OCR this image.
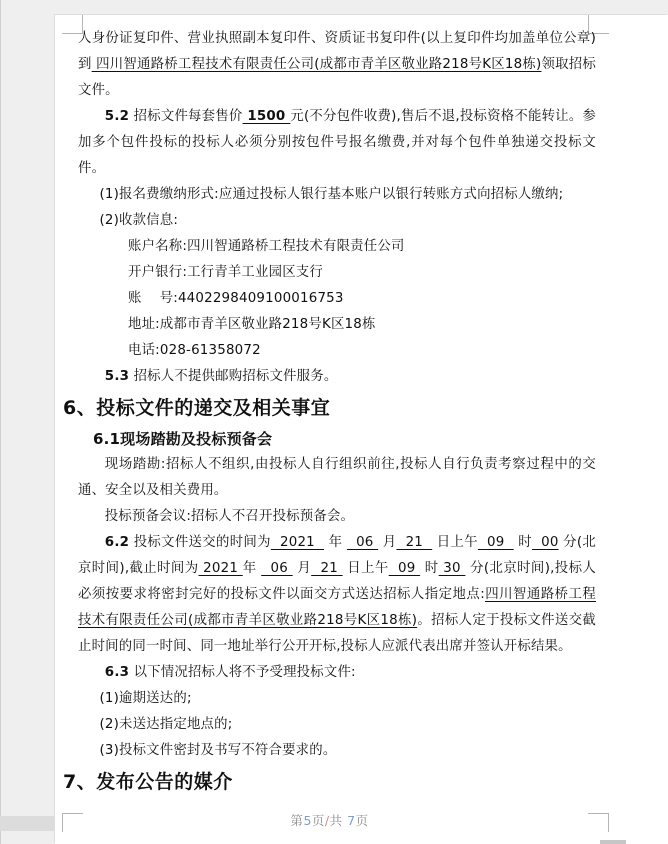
人身份证复印件、营业执照副本复印件、资质证书复印件(以上复印件均加盖单位公章)到 四川智通路桥工程技术有限责任公司(成都市青羊区敬业路218号K区18栋)领取招标文件。
5.2 招标文件每套售价 1500 元(不分包件收费),售后不退,投标资格不能转让。参加多个包件投标的投标人必须分别按包件号报名缴费,并对每个包件单独递交投标文件。
(1)报名费缴纳形式:应通过投标人银行基本账户以银行转账方式向招标人缴纳;
(2)收款信息:
账户名称:四川智通路桥工程技术有限责任公司
开户银行:工行青羊工业园区支行
账　 号:4402298409100016753
地址:成都市青羊区敬业路218号K区18栋
电话:028-61358072
5.3 招标人不提供邮购招标文件服务。
6、投标文件的递交及相关事宜
6.1现场踏勘及投标预备会
现场踏勘:招标人不组织,由投标人自行组织前往,投标人自行负责考察过程中的交通、安全以及相关费用。
投标预备会议:招标人不召开投标预备会。
6.2 投标文件送交的时间为  2021   年   06  月  21   日上午  09   时  00 分(北京时间),截止时间为 2021 年   06  月  21  日上午  09  时 30  分(北京时间),投标人必须按要求将密封完好的投标文件以面交方式送达招标人指定地点:四川智通路桥工程技术有限责任公司(成都市青羊区敬业路218号K区18栋)。招标人定于投标文件送交截止时间的同一时间、同一地址举行公开开标,投标人应派代表出席并签认开标结果。
6.3 以下情况招标人将不予受理投标文件:
(1)逾期送达的;
(2)未送达指定地点的;
(3)投标文件密封及书写不符合要求的。
7、发布公告的媒介
第5页/共 7页
